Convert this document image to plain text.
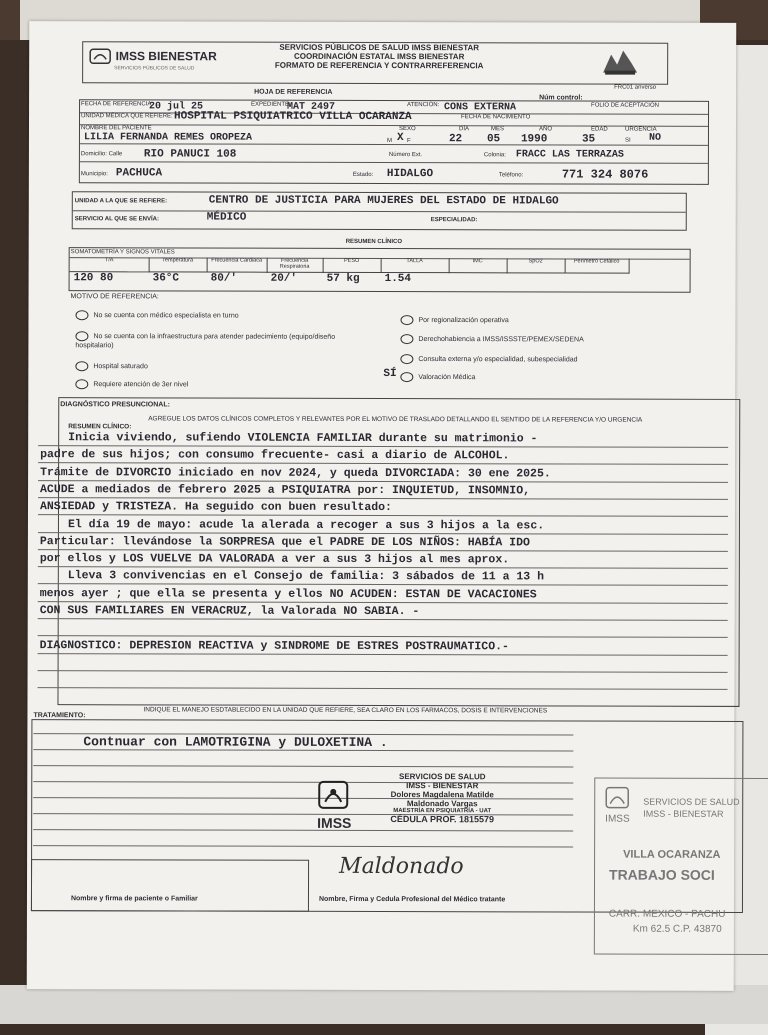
IMSS BIENESTAR
SERVICIOS PÚBLICOS DE SALUD
SERVICIOS PÚBLICOS DE SALUD IMSS BIENESTAR
COORDINACIÓN ESTATAL IMSS BIENESTAR
FORMATO DE REFERENCIA Y CONTRARREFERENCIA
FRC01 anverso
HOJA DE REFERENCIA
Núm control:
FECHA DE REFERENCIA:
20 jul 25	EXPEDIENTE:
MAT 2497	ATENCIÓN: CONS EXTERNA	FOLIO DE ACEPTACIÓN
UNIDAD MÉDICA QUE REFIERE: HOSPITAL PSIQUIATRICO VILLA OCARANZA	FECHA DE NACIMIENTO
NOMBRE DEL PACIENTE
LILIA FERNANDA REMES OROPEZA
SEXO
M X F
DÍA
22
MES
05
AÑO
1990
EDAD
35
URGENCIA
SI NO
Domicilio: Calle RIO PANUCI 108	Número Ext.	Colonia: FRACC LAS TERRAZAS
Municipio: PACHUCA	Estado: HIDALGO	Teléfono:	771 324 8076
UNIDAD A LA QUE SE REFIERE:	CENTRO DE JUSTICIA PARA MUJERES DEL ESTADO DE HIDALGO
SERVICIO AL QUE SE ENVÍA:	MÉDICO	ESPECIALIDAD:
RESUMEN CLÍNICO
SOMATOMETRÍA Y SIGNOS VITALES
T/A
120 80
Temperatura
36°C
Frecuencia Cardiaca
80/'
Frecuencia Respiratoria
20/'
PESO
57 kg
TALLA
1.54
IMC	SpO2	Perímetro Cefálico
MOTIVO DE REFERENCIA:
No se cuenta con médico especialista en turno
No se cuenta con la infraestructura para atender padecimiento (equipo/diseño hospitalario)
Hospital saturado
Requiere atención de 3er nivel
Por regionalización operativa
Derechohabiencia a IMSS/ISSSTE/PEMEX/SEDENA
Consulta externa y/o especialidad, subespecialidad
Valoración Médica
SÍ
DIAGNÓSTICO PRESUNCIONAL:
RESUMEN CLÍNICO:
AGREGUE LOS DATOS CLÍNICOS COMPLETOS Y RELEVANTES POR EL MOTIVO DE TRASLADO DETALLANDO EL SENTIDO DE LA REFERENCIA Y/O URGENCIA
Inicia viviendo, sufiendo VIOLENCIA FAMILIAR durante su matrimonio -
padre de sus hijos; con consumo frecuente- casi a diario de ALCOHOL.
Trámite de DIVORCIO iniciado en nov 2024, y queda DIVORCIADA: 30 ene 2025.
ACUDE a mediados de febrero 2025 a PSIQUIATRA por: INQUIETUD, INSOMNIO,
ANSIEDAD y TRISTEZA. Ha seguido con buen resultado:
El día 19 de mayo: acude la alerada a recoger a sus 3 hijos a la esc.
Particular: llevándose la SORPRESA que el PADRE DE LOS NIÑOS: HABÍA IDO
por ellos y LOS VUELVE DA VALORADA a ver a sus 3 hijos al mes aprox.
Lleva 3 convivencias en el Consejo de familia: 3 sábados de 11 a 13 h
menos ayer ; que ella se presenta y ellos NO ACUDEN: ESTAN DE VACACIONES
CON SUS FAMILIARES EN VERACRUZ, la Valorada NO SABIA. -
DIAGNOSTICO: DEPRESION REACTIVA y SINDROME DE ESTRES POSTRAUMATICO.-
TRATAMIENTO:
INDIQUE EL MANEJO ESDTABLECIDO EN LA UNIDAD QUE REFIERE, SEA CLARO EN LOS FARMACOS, DOSIS E INTERVENCIONES
Contnuar con LAMOTRIGINA y DULOXETINA .
IMSS
SERVICIOS DE SALUD
IMSS - BIENESTAR
Dolores Magdalena Matilde
Maldonado Vargas
MAESTRÍA EN PSIQUIATRÍA - UAT
CÉDULA PROF. 1815579
Maldonado
Nombre y firma de paciente o Familiar	Nombre, Firma y Cedula Profesional del Médico tratante
IMSS
SERVICIOS DE SALUD
IMSS - BIENESTAR
VILLA OCARANZA
TRABAJO SOCI
CARR. MEXICO - PACHU
Km 62.5 C.P. 43870
